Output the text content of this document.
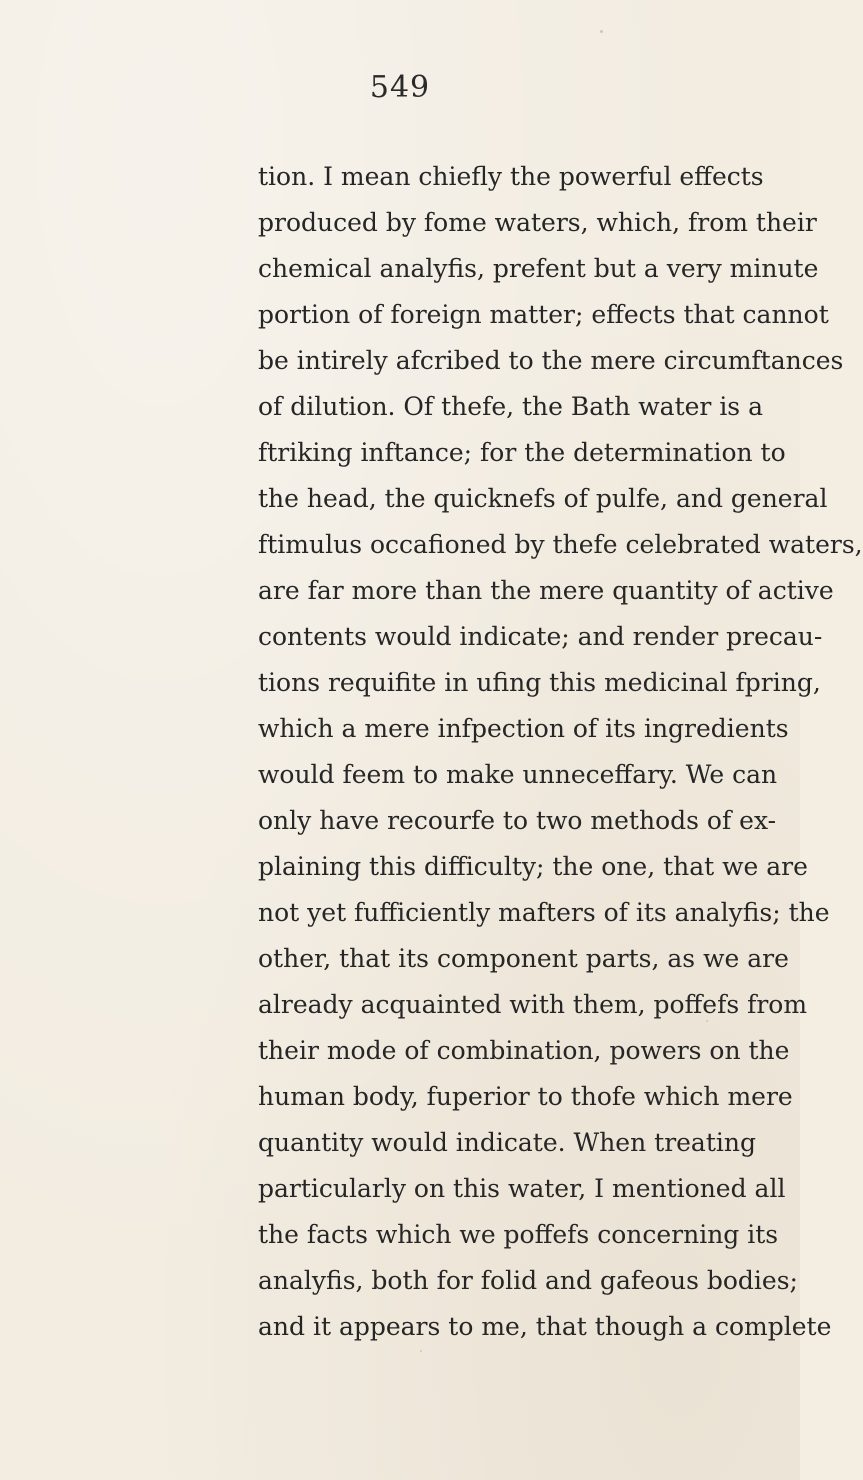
549
tion. I mean chiefly the powerful effects
produced by fome waters, which, from their
chemical analyfis, prefent but a very minute
portion of foreign matter; effects that cannot
be intirely afcribed to the mere circumftances
of dilution. Of thefe, the Bath water is a
ftriking inftance; for the determination to
the head, the quicknefs of pulfe, and general
ftimulus occafioned by thefe celebrated waters,
are far more than the mere quantity of active
contents would indicate; and render precau-
tions requifite in ufing this medicinal fpring,
which a mere infpection of its ingredients
would feem to make unneceffary. We can
only have recourfe to two methods of ex-
plaining this difficulty; the one, that we are
not yet fufficiently mafters of its analyfis; the
other, that its component parts, as we are
already acquainted with them, poffefs from
their mode of combination, powers on the
human body, fuperior to thofe which mere
quantity would indicate. When treating
particularly on this water, I mentioned all
the facts which we poffefs concerning its
analyfis, both for folid and gafeous bodies;
and it appears to me, that though a complete
